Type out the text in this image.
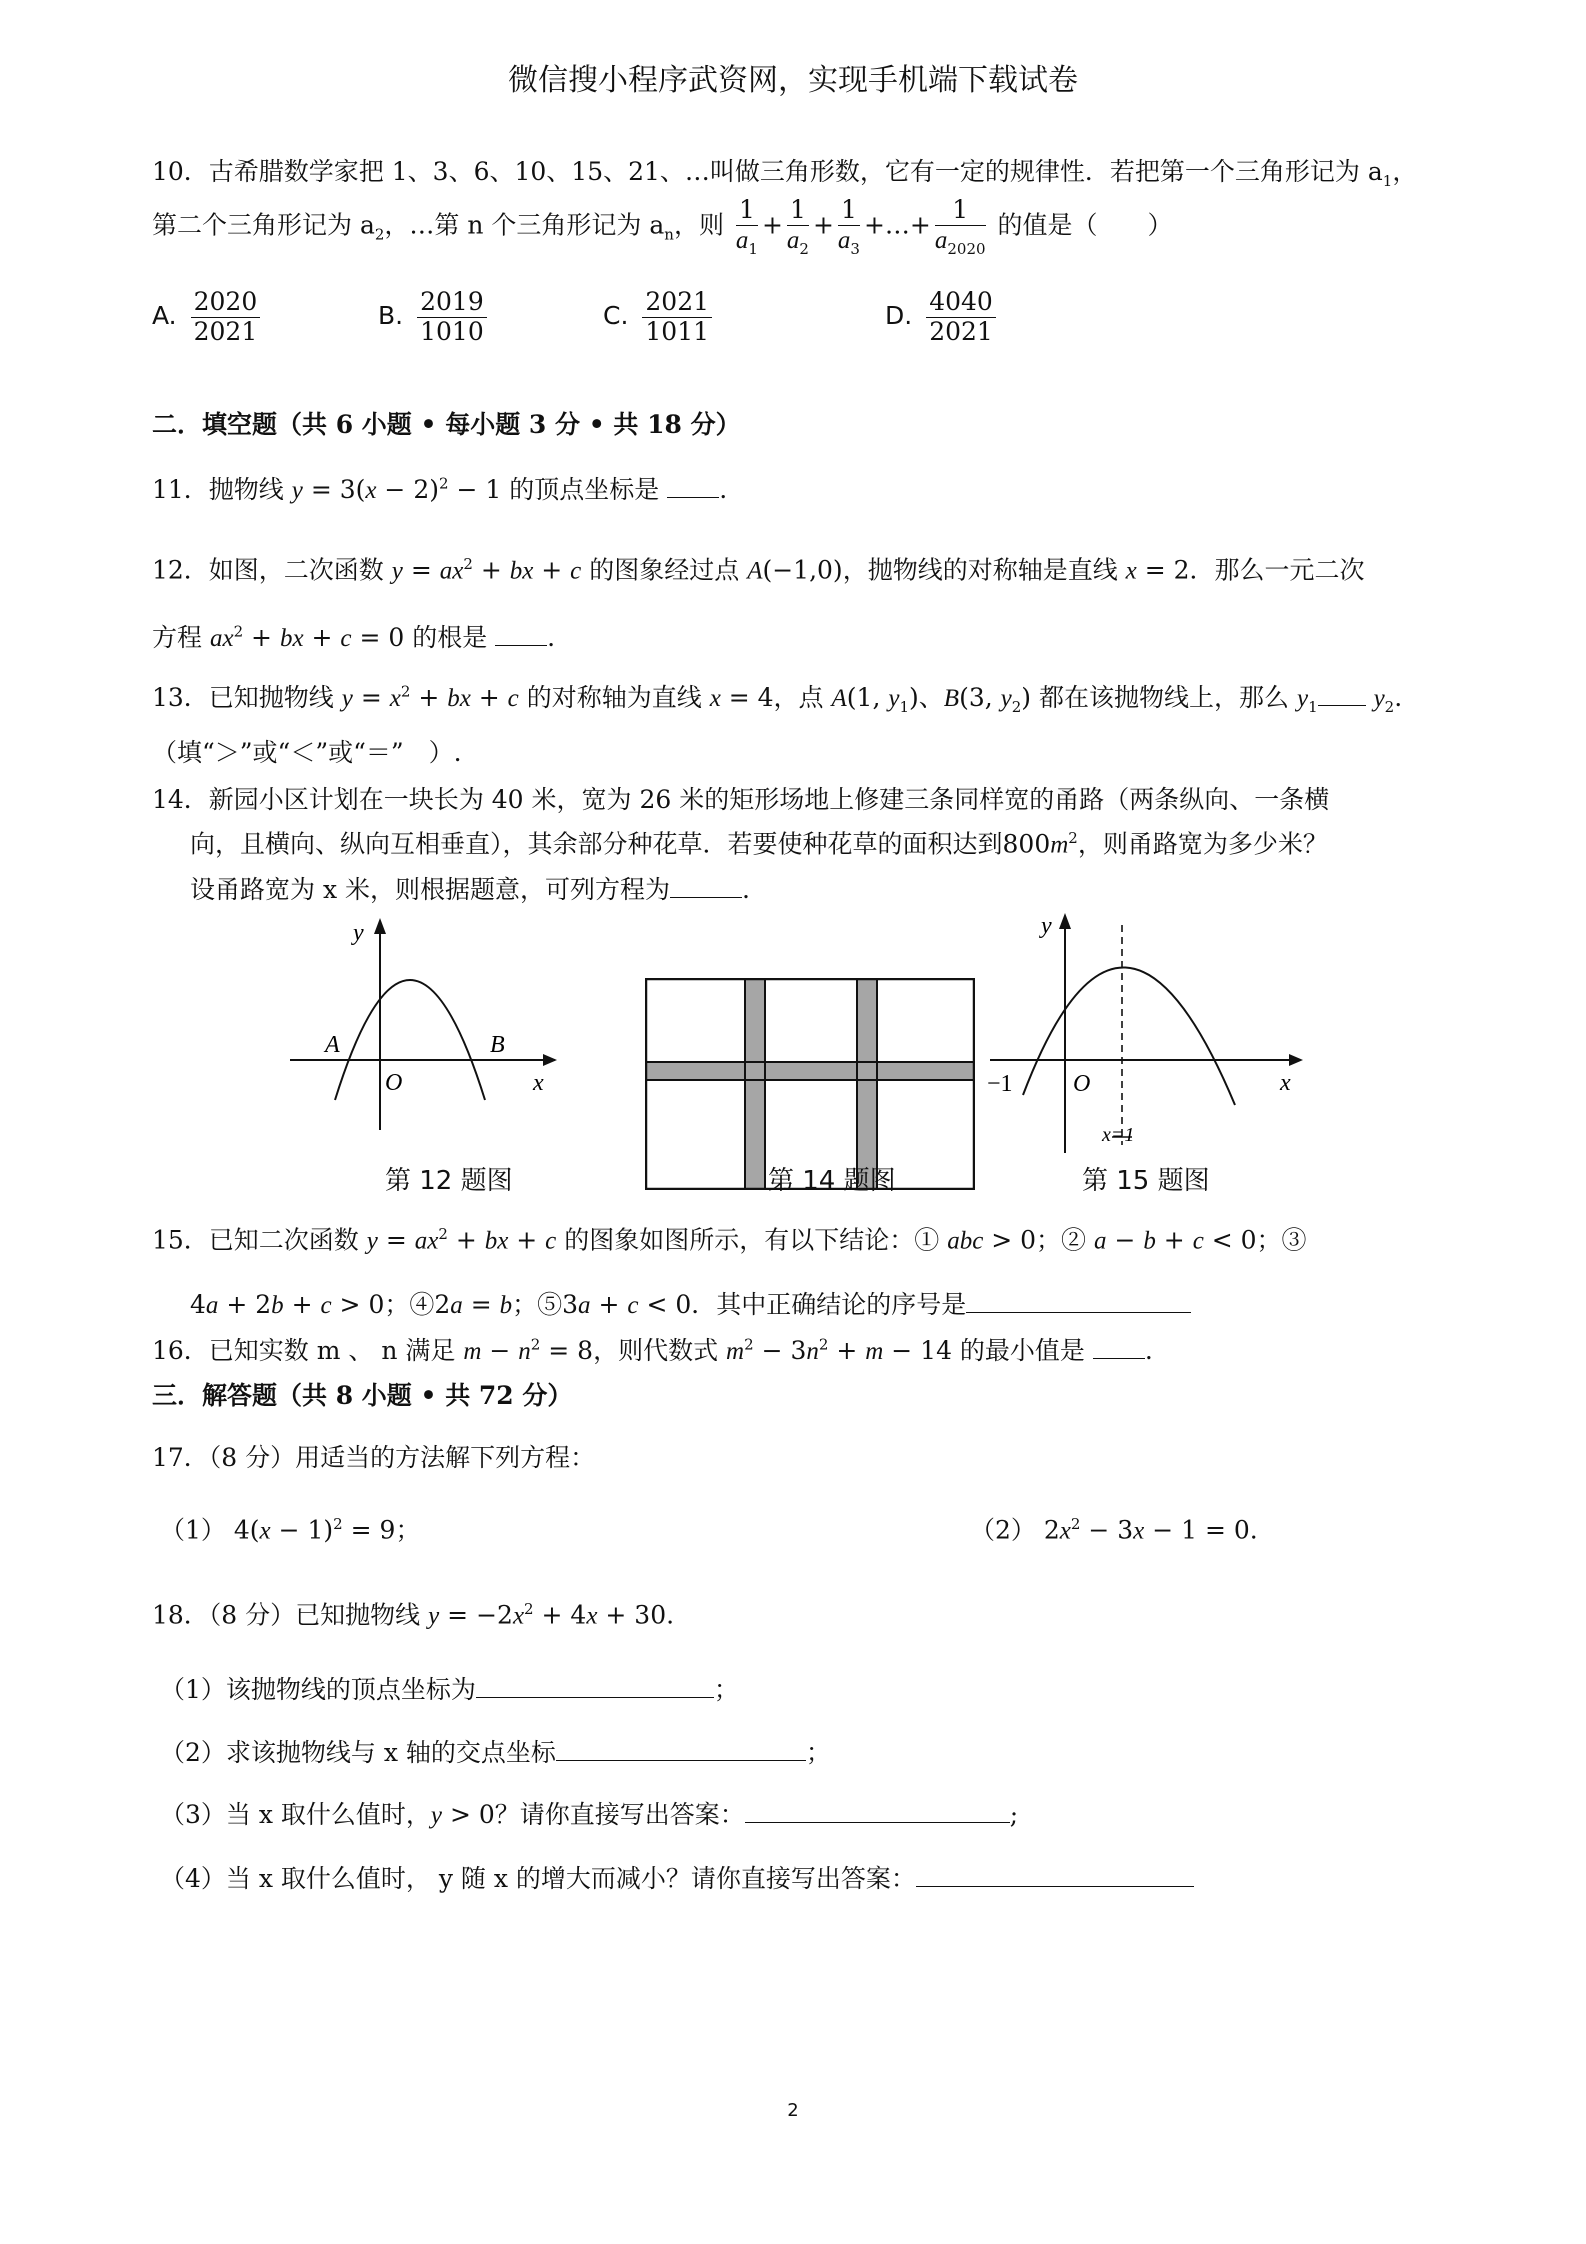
微信搜小程序武资网，实现手机端下载试卷
10．古希腊数学家把 1、3、6、10、15、21、…叫做三角形数，它有一定的规律性．若把第一个三角形记为 $a_1$，
第二个三角形记为 $a_2$，…第 n 个三角形记为 $a_n$，则 $\frac{1}{a_1} + \frac{1}{a_2} + \frac{1}{a_3}$ +…+ $\frac{1}{a_{2020}}$ 的值是（　　）
A. $\frac{2020}{2021}$	B. $\frac{2019}{1010}$	C. $\frac{2021}{1011}$	D. $\frac{4040}{2021}$
二．填空题（共 6 小题 • 每小题 3 分 • 共 18 分）
11．抛物线 $y = 3(x - 2)^2 - 1$ 的顶点坐标是 .
12．如图，二次函数 $y = ax^2$ + bx + c 的图象经过点 A(−1,0)，抛物线的对称轴是直线 x = 2．那么一元二次
方程 $ax^2$ + bx + c = 0 的根是 .
13．已知抛物线 $y = x^2$ + bx + c 的对称轴为直线 x = 4，点 A(1, $y_1$)、B(3, $y_2$) 都在该抛物线上，那么 $y_1$ $y_2$.
（填“＞”或“＜”或“＝”　）.
14．新园小区计划在一块长为 40 米，宽为 26 米的矩形场地上修建三条同样宽的甬路（两条纵向、一条横
向，且横向、纵向互相垂直），其余部分种花草．若要使种花草的面积达到$800m^2$，则甬路宽为多少米？
设甬路宽为 x 米，则根据题意，可列方程为	.
y
x
A
O
B
y
x
−1	O
x=1
第 12 题图	第 14 题图	第 15 题图
15．已知二次函数 $y = ax^2$ + bx + c 的图象如图所示，有以下结论：① abc > 0；② a − b + c < 0；③
4a + 2b + c > 0；④2a = b；⑤3a + c < 0．其中正确结论的序号是
16．已知实数 m 、 n 满足 $m - n^2 = 8$，则代数式 $m^2 - 3n^2 + m - 14$ 的最小值是 .
三．解答题（共 8 小题 • 共 72 分）
17．（8 分）用适当的方法解下列方程：
（1） $4(x - 1)^2 = 9$；	（2） $2x^2 - 3x - 1 = 0$.
18．（8 分）已知抛物线 $y = -2x^2 + 4x + 30$.
（1）该抛物线的顶点坐标为	；
（2）求该抛物线与 x 轴的交点坐标	；
（3）当 x 取什么值时，y > 0？请你直接写出答案：	;
（4）当 x 取什么值时， y 随 x 的增大而减小？请你直接写出答案：
2
